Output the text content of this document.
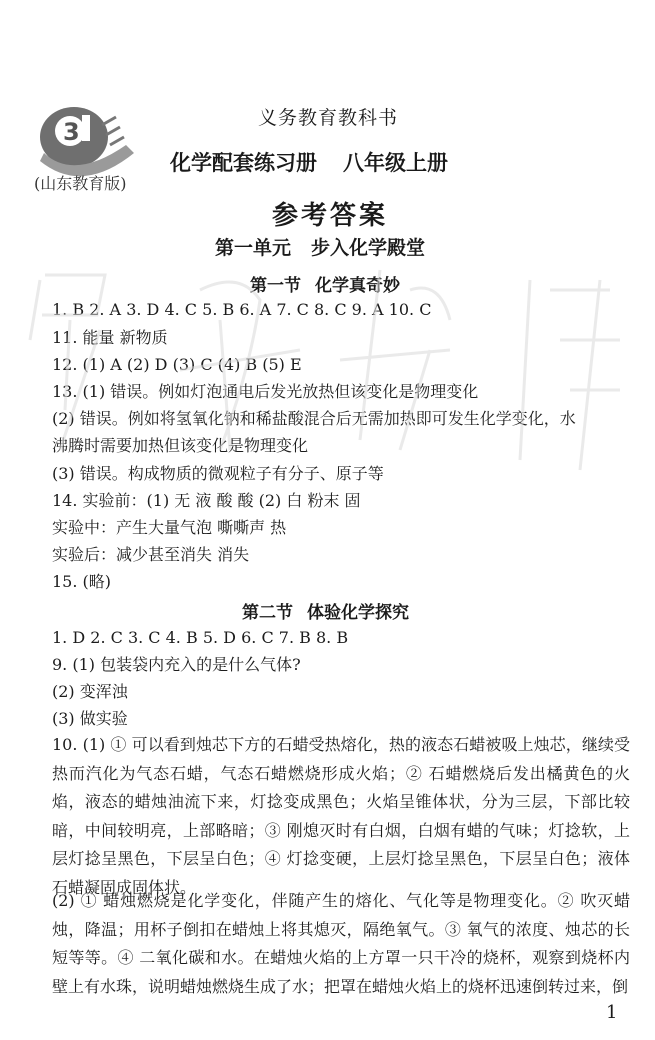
3
(山东教育版)
义务教育教科书
化学配套练习册 八年级上册
参考答案
第一单元 步入化学殿堂
第一节 化学真奇妙
1. B 2. A 3. D 4. C 5. B 6. A 7. C 8. C 9. A 10. C
11. 能量 新物质
12. (1) A (2) D (3) C (4) B (5) E
13. (1) 错误。例如灯泡通电后发光放热但该变化是物理变化
(2) 错误。例如将氢氧化钠和稀盐酸混合后无需加热即可发生化学变化，水
沸腾时需要加热但该变化是物理变化
(3) 错误。构成物质的微观粒子有分子、原子等
14. 实验前：(1) 无 液 酸 酸 (2) 白 粉末 固
实验中：产生大量气泡 嘶嘶声 热
实验后：减少甚至消失 消失
15. (略)
第二节 体验化学探究
1. D 2. C 3. C 4. B 5. D 6. C 7. B 8. B
9. (1) 包装袋内充入的是什么气体?
(2) 变浑浊
(3) 做实验
10. (1) ① 可以看到烛芯下方的石蜡受热熔化，热的液态石蜡被吸上烛芯，继续受热而汽化为气态石蜡，气态石蜡燃烧形成火焰；② 石蜡燃烧后发出橘黄色的火焰，液态的蜡烛油流下来，灯捻变成黑色；火焰呈锥体状，分为三层，下部比较暗，中间较明亮，上部略暗；③ 刚熄灭时有白烟，白烟有蜡的气味；灯捻软，上层灯捻呈黑色，下层呈白色；④ 灯捻变硬，上层灯捻呈黑色，下层呈白色；液体石蜡凝固成固体状。
(2) ① 蜡烛燃烧是化学变化，伴随产生的熔化、气化等是物理变化。② 吹灭蜡烛，降温；用杯子倒扣在蜡烛上将其熄灭，隔绝氧气。③ 氧气的浓度、烛芯的长短等等。④ 二氧化碳和水。在蜡烛火焰的上方罩一只干冷的烧杯，观察到烧杯内壁上有水珠，说明蜡烛燃烧生成了水；把罩在蜡烛火焰上的烧杯迅速倒转过来，倒
1
